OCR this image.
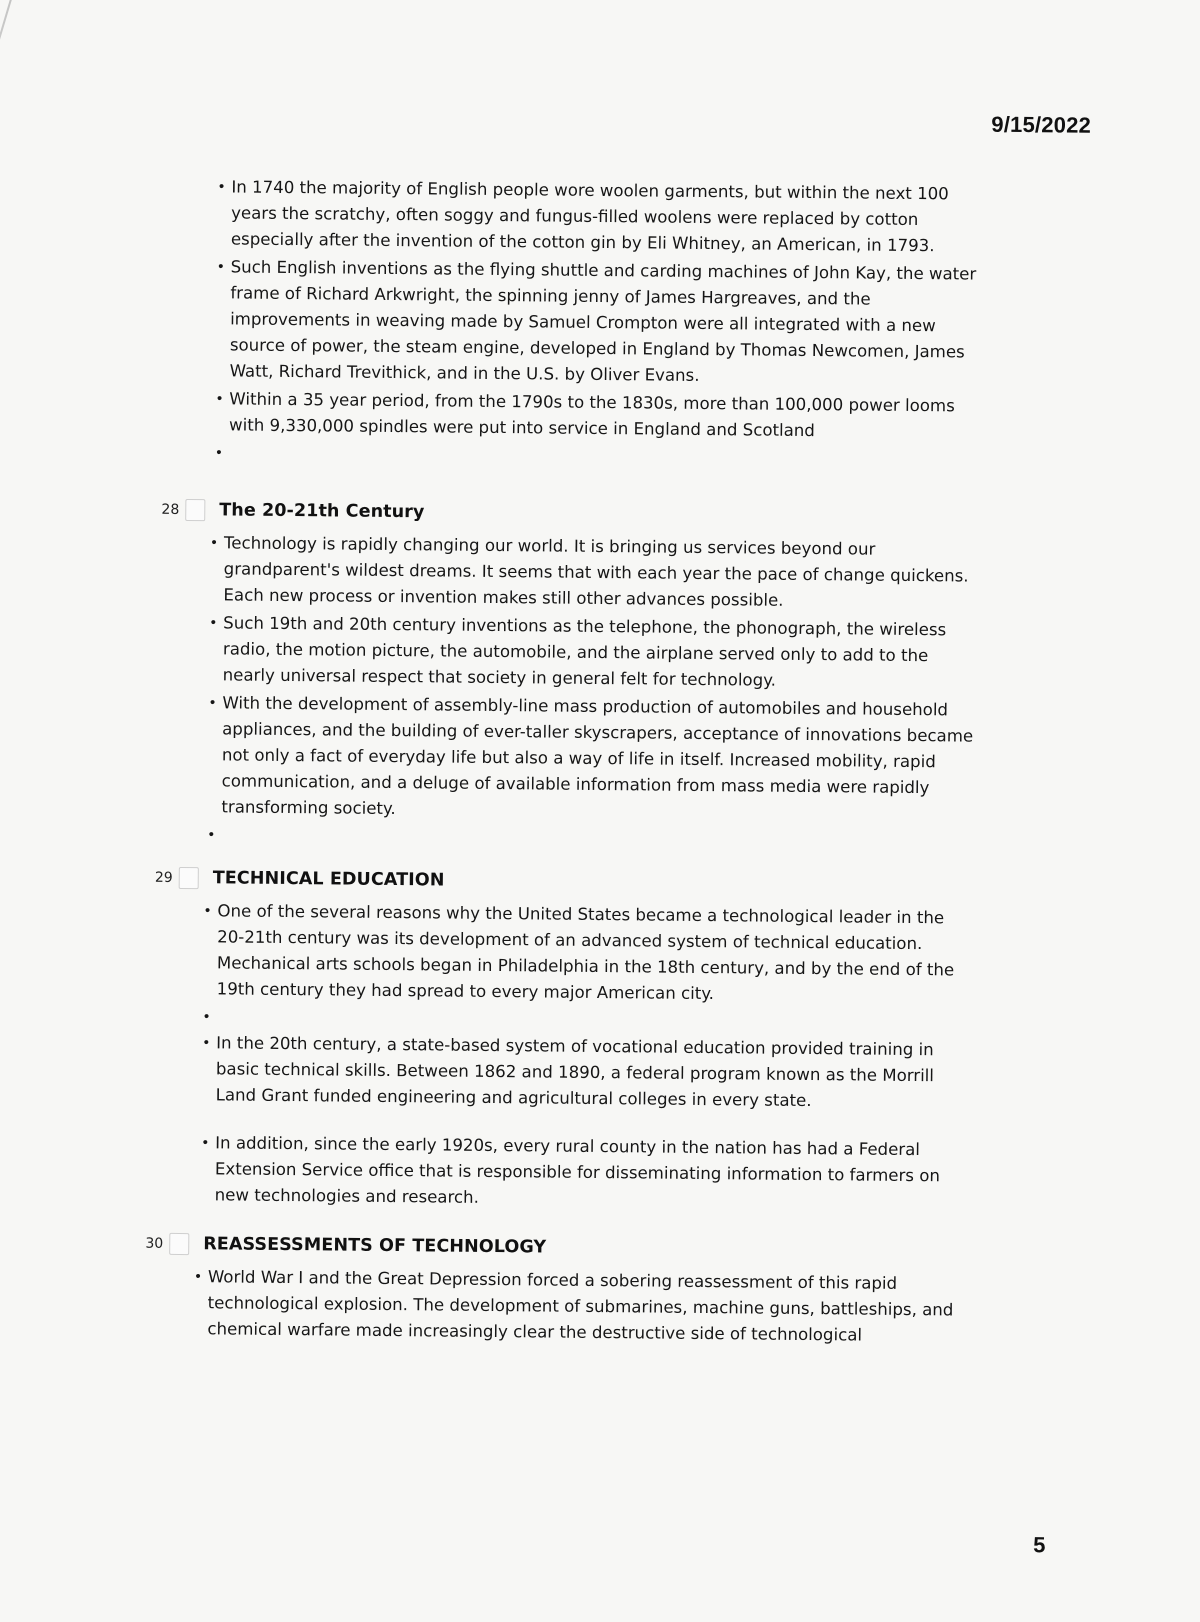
9/15/2022
• In 1740 the majority of English people wore woolen garments, but within the next 100 years the scratchy, often soggy and fungus-filled woolens were replaced by cotton especially after the invention of the cotton gin by Eli Whitney, an American, in 1793.
• Such English inventions as the flying shuttle and carding machines of John Kay, the water frame of Richard Arkwright, the spinning jenny of James Hargreaves, and the improvements in weaving made by Samuel Crompton were all integrated with a new source of power, the steam engine, developed in England by Thomas Newcomen, James Watt, Richard Trevithick, and in the U.S. by Oliver Evans.
• Within a 35 year period, from the 1790s to the 1830s, more than 100,000 power looms with 9,330,000 spindles were put into service in England and Scotland
•
28 The 20-21th Century
• Technology is rapidly changing our world. It is bringing us services beyond our grandparent's wildest dreams. It seems that with each year the pace of change quickens. Each new process or invention makes still other advances possible.
• Such 19th and 20th century inventions as the telephone, the phonograph, the wireless radio, the motion picture, the automobile, and the airplane served only to add to the nearly universal respect that society in general felt for technology.
• With the development of assembly-line mass production of automobiles and household appliances, and the building of ever-taller skyscrapers, acceptance of innovations became not only a fact of everyday life but also a way of life in itself. Increased mobility, rapid communication, and a deluge of available information from mass media were rapidly transforming society.
•
29 TECHNICAL EDUCATION
• One of the several reasons why the United States became a technological leader in the 20-21th century was its development of an advanced system of technical education. Mechanical arts schools began in Philadelphia in the 18th century, and by the end of the 19th century they had spread to every major American city.
•
• In the 20th century, a state-based system of vocational education provided training in basic technical skills. Between 1862 and 1890, a federal program known as the Morrill Land Grant funded engineering and agricultural colleges in every state.
• In addition, since the early 1920s, every rural county in the nation has had a Federal Extension Service office that is responsible for disseminating information to farmers on new technologies and research.
30 REASSESSMENTS OF TECHNOLOGY
• World War I and the Great Depression forced a sobering reassessment of this rapid technological explosion. The development of submarines, machine guns, battleships, and chemical warfare made increasingly clear the destructive side of technological
5
